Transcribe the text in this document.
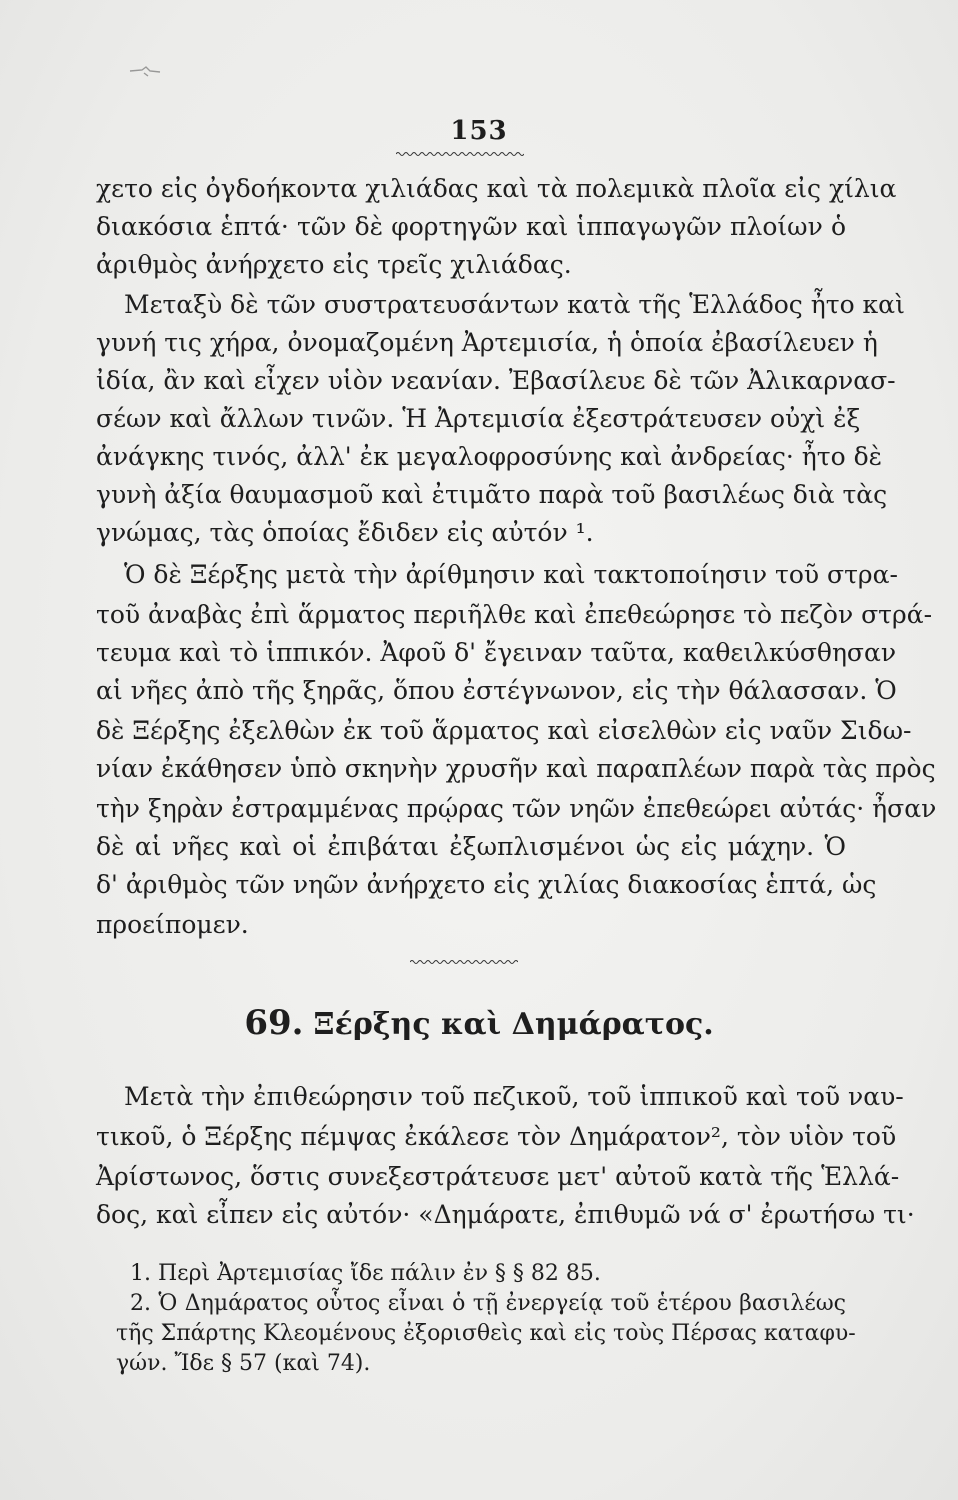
153
χετο εἰς ὀγδοήκοντα χιλιάδας καὶ τὰ πολεμικὰ πλοῖα εἰς χίλια
διακόσια ἑπτά· τῶν δὲ φορτηγῶν καὶ ἱππαγωγῶν πλοίων ὁ
ἀριθμὸς ἀνήρχετο εἰς τρεῖς χιλιάδας.
Μεταξὺ δὲ τῶν συστρατευσάντων κατὰ τῆς Ἑλλάδος ἦτο καὶ
γυνή τις χήρα, ὀνομαζομένη Ἀρτεμισία, ἡ ὁποία ἐβασίλευεν ἡ
ἰδία, ἂν καὶ εἶχεν υἱὸν νεανίαν. Ἐβασίλευε δὲ τῶν Ἀλικαρνασ-
σέων καὶ ἄλλων τινῶν. Ἡ Ἀρτεμισία ἐξεστράτευσεν οὐχὶ ἐξ
ἀνάγκης τινός, ἀλλ' ἐκ μεγαλοφροσύνης καὶ ἀνδρείας· ἦτο δὲ
γυνὴ ἀξία θαυμασμοῦ καὶ ἐτιμᾶτο παρὰ τοῦ βασιλέως διὰ τὰς
γνώμας, τὰς ὁποίας ἔδιδεν εἰς αὐτόν ¹.
Ὁ δὲ Ξέρξης μετὰ τὴν ἀρίθμησιν καὶ τακτοποίησιν τοῦ στρα-
τοῦ ἀναβὰς ἐπὶ ἅρματος περιῆλθε καὶ ἐπεθεώρησε τὸ πεζὸν στρά-
τευμα καὶ τὸ ἱππικόν. Ἀφοῦ δ' ἔγειναν ταῦτα, καθειλκύσθησαν
αἱ νῆες ἀπὸ τῆς ξηρᾶς, ὅπου ἐστέγνωνον, εἰς τὴν θάλασσαν. Ὁ
δὲ Ξέρξης ἐξελθὼν ἐκ τοῦ ἅρματος καὶ εἰσελθὼν εἰς ναῦν Σιδω-
νίαν ἐκάθησεν ὑπὸ σκηνὴν χρυσῆν καὶ παραπλέων παρὰ τὰς πρὸς
τὴν ξηρὰν ἐστραμμένας πρῴρας τῶν νηῶν ἐπεθεώρει αὐτάς· ἦσαν
δὲ αἱ νῆες καὶ οἱ ἐπιβάται ἐξωπλισμένοι ὡς εἰς μάχην. Ὁ
δ' ἀριθμὸς τῶν νηῶν ἀνήρχετο εἰς χιλίας διακοσίας ἑπτά, ὡς
προείπομεν.
69. Ξέρξης καὶ Δημάρατος.
Μετὰ τὴν ἐπιθεώρησιν τοῦ πεζικοῦ, τοῦ ἱππικοῦ καὶ τοῦ ναυ-
τικοῦ, ὁ Ξέρξης πέμψας ἐκάλεσε τὸν Δημάρατον², τὸν υἱὸν τοῦ
Ἀρίστωνος, ὅστις συνεξεστράτευσε μετ' αὐτοῦ κατὰ τῆς Ἑλλά-
δος, καὶ εἶπεν εἰς αὐτόν· «Δημάρατε, ἐπιθυμῶ νά σ' ἐρωτήσω τι·
1. Περὶ Ἀρτεμισίας ἴδε πάλιν ἐν § § 82 85.
2. Ὁ Δημάρατος οὗτος εἶναι ὁ τῇ ἐνεργείᾳ τοῦ ἑτέρου βασιλέως
τῆς Σπάρτης Κλεομένους ἐξορισθεὶς καὶ εἰς τοὺς Πέρσας καταφυ-
γών. Ἴδε § 57 (καὶ 74).
